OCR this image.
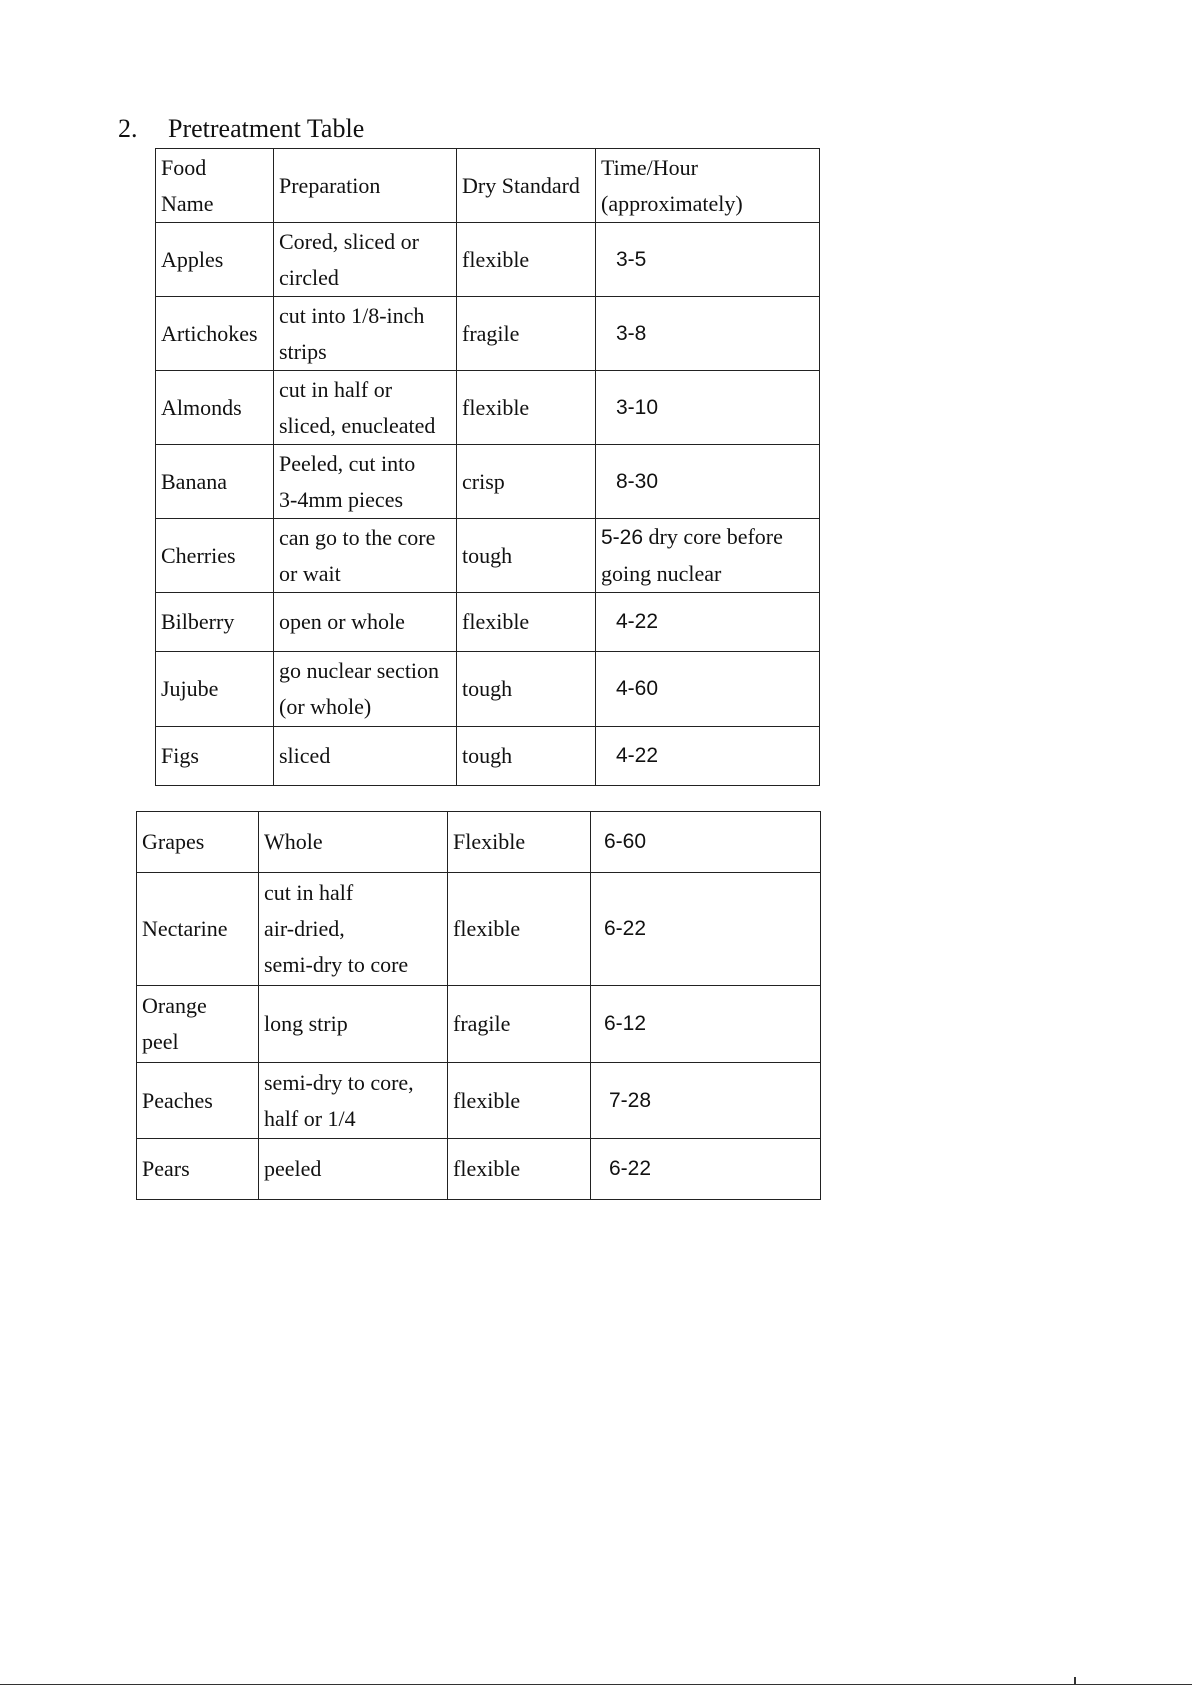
2. Pretreatment Table
Food
Name	Preparation	Dry Standard	Time/Hour
(approximately)
Apples	Cored, sliced or
circled	flexible	3-5
Artichokes	cut into 1/8-inch
strips	fragile	3-8
Almonds	cut in half or
sliced, enucleated	flexible	3-10
Banana	Peeled, cut into
3-4mm pieces	crisp	8-30
Cherries	can go to the core
or wait	tough	5-26 dry core before
going nuclear
Bilberry	open or whole	flexible	4-22
Jujube	go nuclear section
(or whole)	tough	4-60
Figs	sliced	tough	4-22
Grapes	Whole	Flexible	6-60
Nectarine	cut in half
air-dried,
semi-dry to core	flexible	6-22
Orange
peel	long strip	fragile	6-12
Peaches	semi-dry to core,
half or 1/4	flexible	7-28
Pears	peeled	flexible	6-22
